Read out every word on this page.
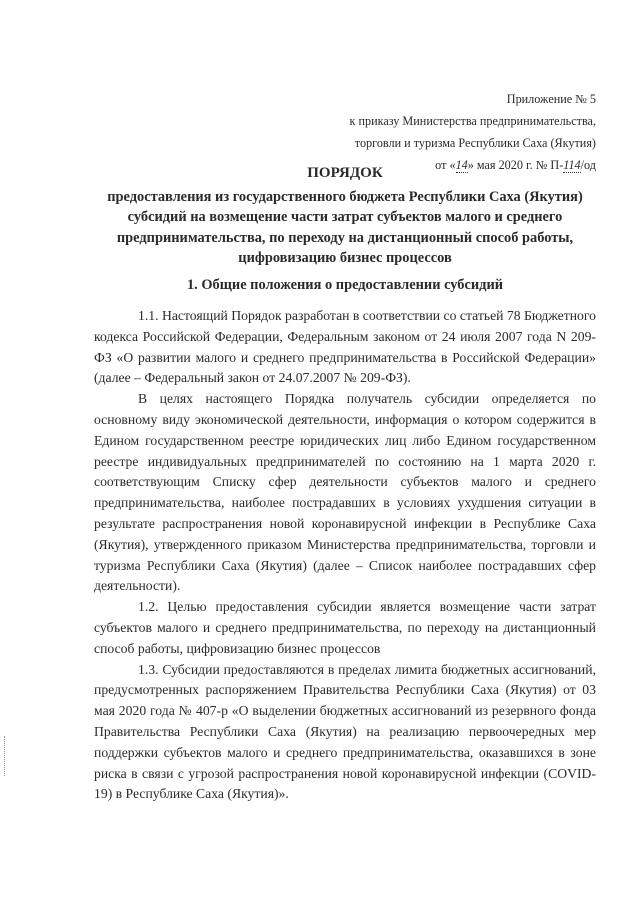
Приложение № 5
к приказу Министерства предпринимательства,
торговли и туризма Республики Саха (Якутия)
от «14» мая 2020 г. № П-114/од
ПОРЯДОК
предоставления из государственного бюджета Республики Саха (Якутия) субсидий на возмещение части затрат субъектов малого и среднего предпринимательства, по переходу на дистанционный способ работы, цифровизацию бизнес процессов
1. Общие положения о предоставлении субсидий

1.1. Настоящий Порядок разработан в соответствии со статьей 78 Бюджетного кодекса Российской Федерации, Федеральным законом от 24 июля 2007 года N 209-ФЗ «О развитии малого и среднего предпринимательства в Российской Федерации» (далее – Федеральный закон от 24.07.2007 № 209-ФЗ).

В целях настоящего Порядка получатель субсидии определяется по основному виду экономической деятельности, информация о котором содержится в Едином государственном реестре юридических лиц либо Едином государственном реестре индивидуальных предпринимателей по состоянию на 1 марта 2020 г. соответствующим Списку сфер деятельности субъектов малого и среднего предпринимательства, наиболее пострадавших в условиях ухудшения ситуации в результате распространения новой коронавирусной инфекции в Республике Саха (Якутия), утвержденного приказом Министерства предпринимательства, торговли и туризма Республики Саха (Якутия) (далее – Список наиболее пострадавших сфер деятельности).

1.2. Целью предоставления субсидии является возмещение части затрат субъектов малого и среднего предпринимательства, по переходу на дистанционный способ работы, цифровизацию бизнес процессов

1.3. Субсидии предоставляются в пределах лимита бюджетных ассигнований, предусмотренных распоряжением Правительства Республики Саха (Якутия) от 03 мая 2020 года № 407-р «О выделении бюджетных ассигнований из резервного фонда Правительства Республики Саха (Якутия) на реализацию первоочередных мер поддержки субъектов малого и среднего предпринимательства, оказавшихся в зоне риска в связи с угрозой распространения новой коронавирусной инфекции (COVID-19) в Республике Саха (Якутия)».
